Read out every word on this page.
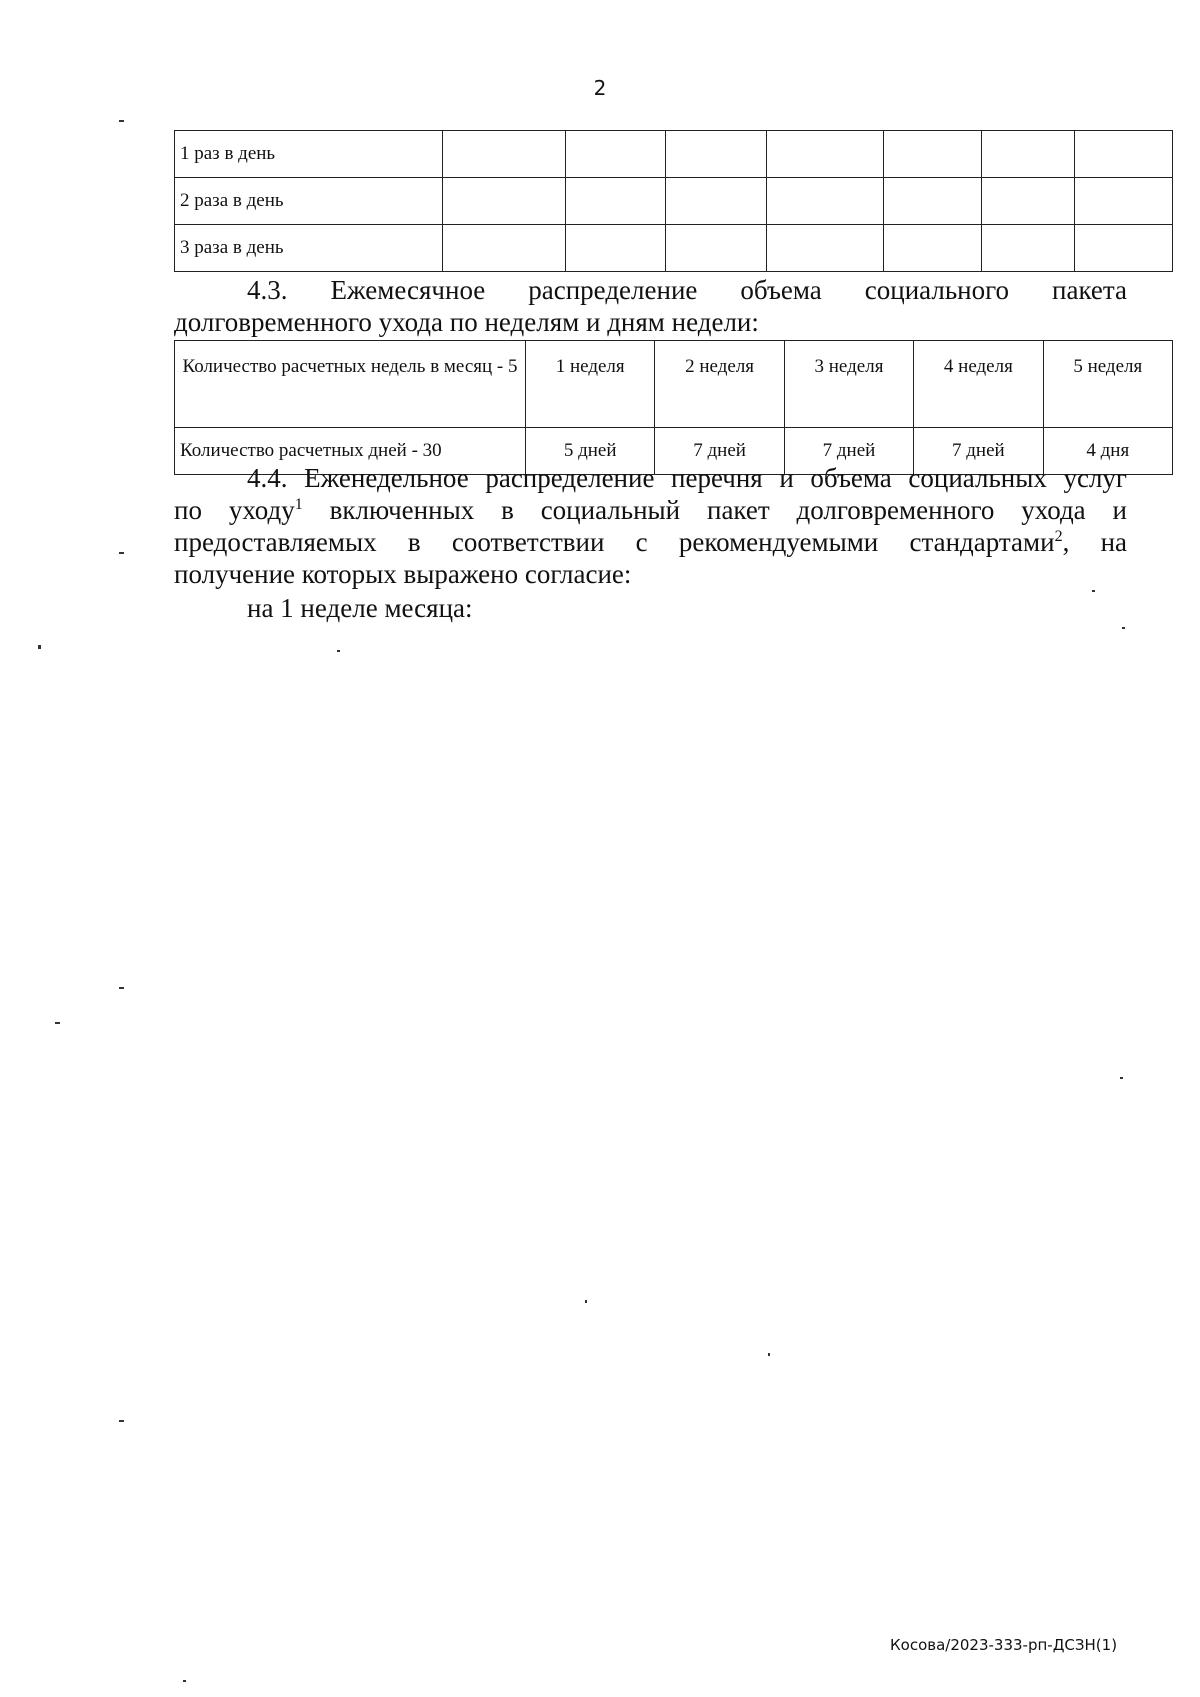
2
1 раз в день							
2 раза в день							
3 раза в день							
4.3. Ежемесячное распределение объема социального пакета
долговременного ухода по неделям и дням недели:
Количество расчетных недель в месяц - 5	1 неделя	2 неделя	3 неделя	4 неделя	5 неделя
Количество расчетных дней - 30	5 дней	7 дней	7 дней	7 дней	4 дня
4.4. Еженедельное распределение перечня и объема социальных услуг
по уходу$^1$ включенных в социальный пакет долговременного ухода и
предоставляемых в соответствии с рекомендуемыми стандартами$^2$, на
получение которых выражено согласие:
на 1 неделе месяца:
Косова/2023-333-рп-ДСЗН(1)
